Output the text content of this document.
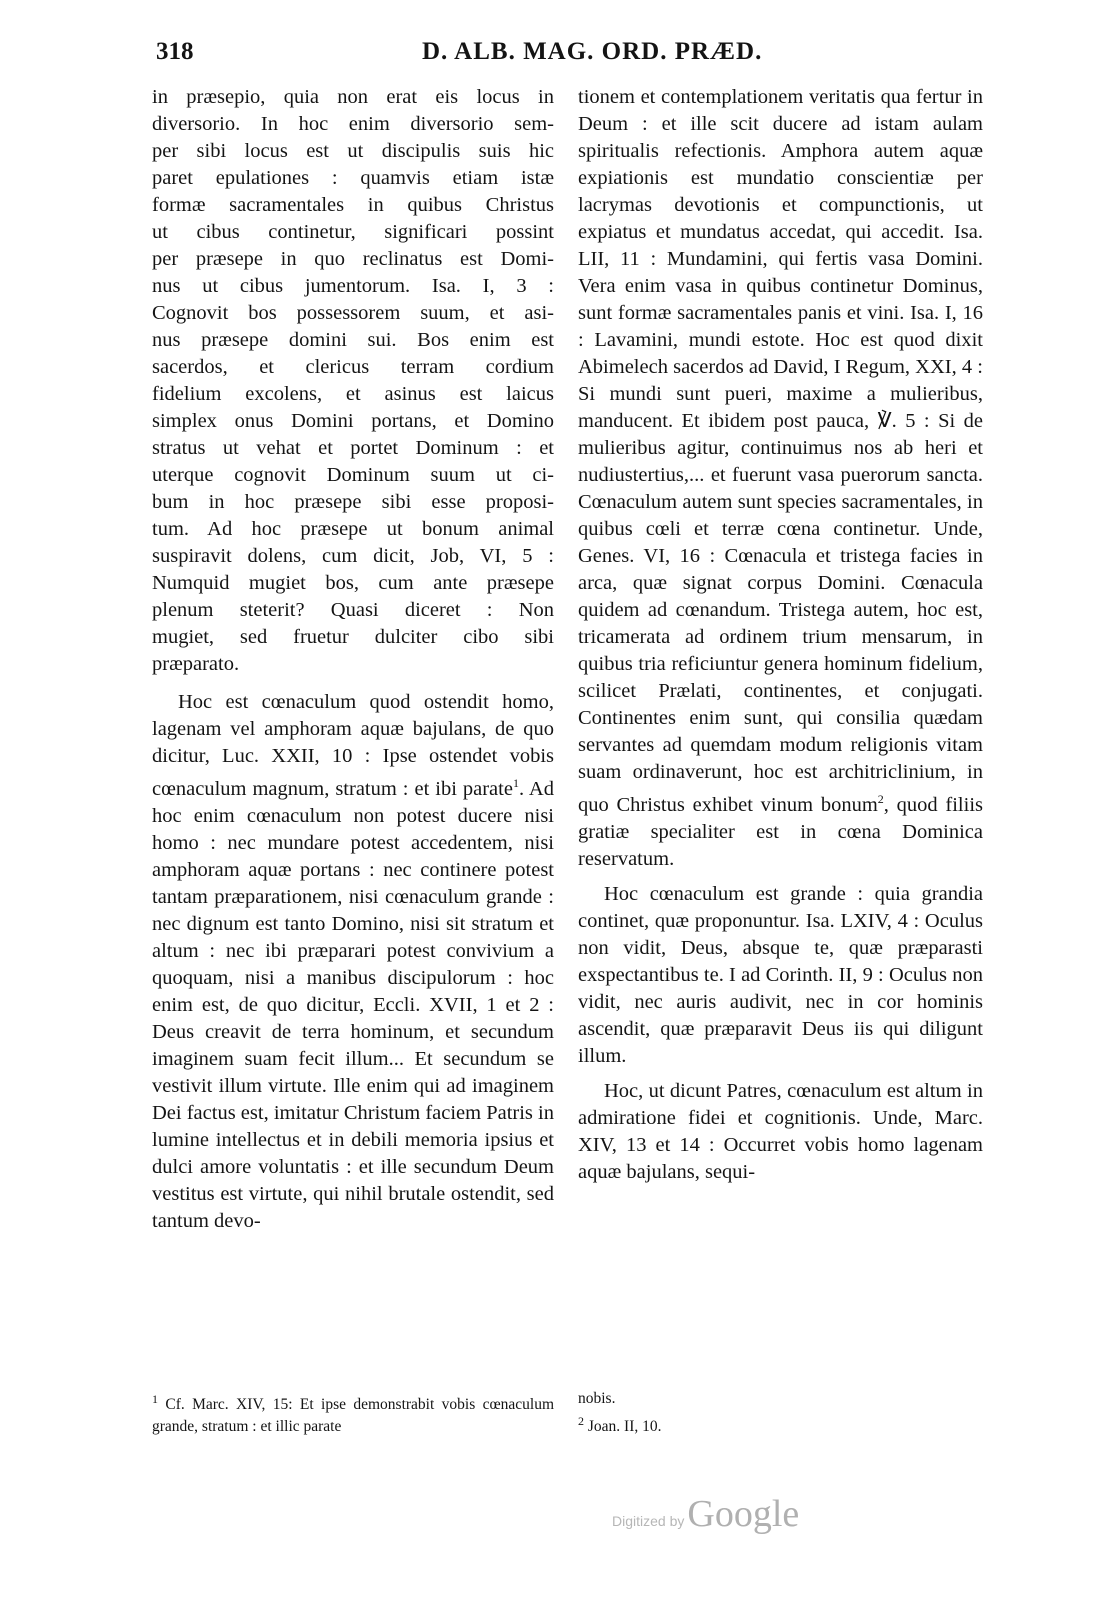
318	D. ALB. MAG. ORD. PRÆD.
in præsepio, quia non erat eis locus in
diversorio. In hoc enim diversorio sem-
per sibi locus est ut discipulis suis hic
paret epulationes : quamvis etiam istæ
formæ sacramentales in quibus Christus
ut cibus continetur, significari possint
per præsepe in quo reclinatus est Domi-
nus ut cibus jumentorum. Isa. I, 3 :
Cognovit bos possessorem suum, et asi-
nus præsepe domini sui. Bos enim est
sacerdos, et clericus terram cordium
fidelium excolens, et asinus est laicus
simplex onus Domini portans, et Domino
stratus ut vehat et portet Dominum : et
uterque cognovit Dominum suum ut ci-
bum in hoc præsepe sibi esse proposi-
tum. Ad hoc præsepe ut bonum animal
suspiravit dolens, cum dicit, Job, VI, 5 :
Numquid mugiet bos, cum ante præsepe
plenum steterit? Quasi diceret : Non
mugiet, sed fruetur dulciter cibo sibi
præparato.

Hoc est cœnaculum quod ostendit homo, lagenam vel amphoram aquæ bajulans, de quo dicitur, Luc. XXII, 10 : Ipse ostendet vobis cœnaculum magnum, stratum : et ibi parate$^1$. Ad hoc enim cœnaculum non potest ducere nisi homo : nec mundare potest accedentem, nisi amphoram aquæ portans : nec continere potest tantam præparationem, nisi cœnaculum grande : nec dignum est tanto Domino, nisi sit stratum et altum : nec ibi præparari potest convivium a quoquam, nisi a manibus discipulorum : hoc enim est, de quo dicitur, Eccli. XVII, 1 et 2 : Deus creavit de terra hominum, et secundum imaginem suam fecit illum... Et secundum se vestivit illum virtute. Ille enim qui ad imaginem Dei factus est, imitatur Christum faciem Patris in lumine intellectus et in debili memoria ipsius et dulci amore voluntatis : et ille secundum Deum vestitus est virtute, qui nihil brutale ostendit, sed tantum devo-

tionem et contemplationem veritatis qua fertur in Deum : et ille scit ducere ad istam aulam spiritualis refectionis. Amphora autem aquæ expiationis est mundatio conscientiæ per lacrymas devotionis et compunctionis, ut expiatus et mundatus accedat, qui accedit. Isa. LII, 11 : Mundamini, qui fertis vasa Domini. Vera enim vasa in quibus continetur Dominus, sunt formæ sacramentales panis et vini. Isa. I, 16 : Lavamini, mundi estote. Hoc est quod dixit Abimelech sacerdos ad David, I Regum, XXI, 4 : Si mundi sunt pueri, maxime a mulieribus, manducent. Et ibidem post pauca, ℣. 5 : Si de mulieribus agitur, continuimus nos ab heri et nudiustertius,... et fuerunt vasa puerorum sancta. Cœnaculum autem sunt species sacramentales, in quibus cœli et terræ cœna continetur. Unde, Genes. VI, 16 : Cœnacula et tristega facies in arca, quæ signat corpus Domini. Cœnacula quidem ad cœnandum. Tristega autem, hoc est, tricamerata ad ordinem trium mensarum, in quibus tria reficiuntur genera hominum fidelium, scilicet Prælati, continentes, et conjugati. Continentes enim sunt, qui consilia quædam servantes ad quemdam modum religionis vitam suam ordinaverunt, hoc est architriclinium, in quo Christus exhibet vinum bonum$^2$, quod filiis gratiæ specialiter est in cœna Dominica reservatum.

Hoc cœnaculum est grande : quia grandia continet, quæ proponuntur. Isa. LXIV, 4 : Oculus non vidit, Deus, absque te, quæ præparasti exspectantibus te. I ad Corinth. II, 9 : Oculus non vidit, nec auris audivit, nec in cor hominis ascendit, quæ præparavit Deus iis qui diligunt illum.

Hoc, ut dicunt Patres, cœnaculum est altum in admiratione fidei et cognitionis. Unde, Marc. XIV, 13 et 14 : Occurret vobis homo lagenam aquæ bajulans, sequi-

$^1$ Cf. Marc. XIV, 15: Et ipse demonstrabit vobis cœnaculum grande, stratum : et illic parate

nobis.

$^2$ Joan. II, 10.

Digitized by Google
